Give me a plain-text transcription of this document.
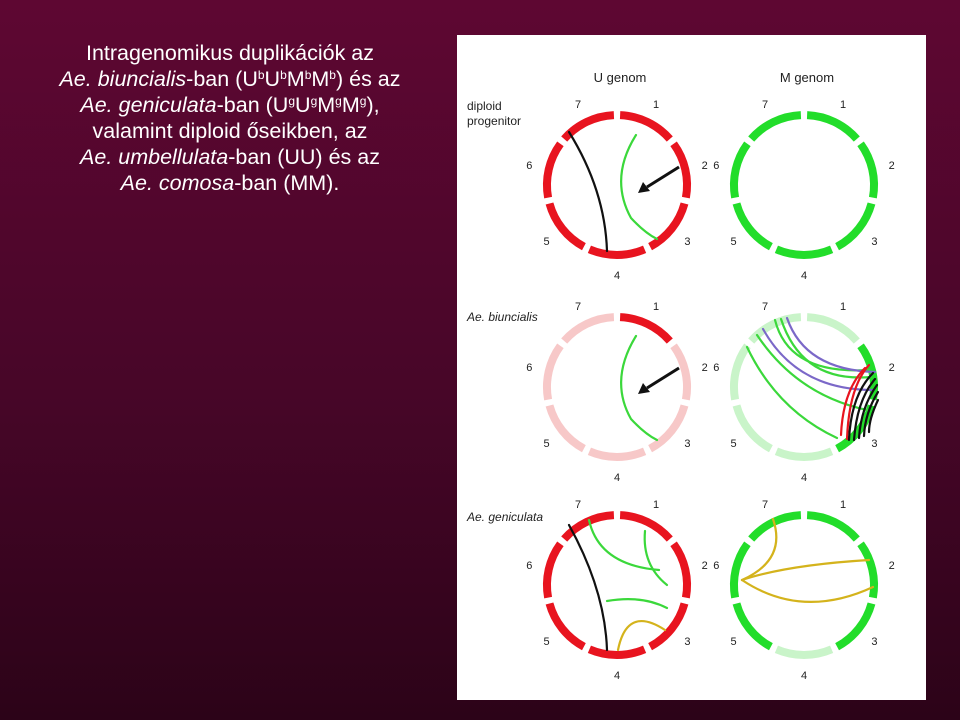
Intragenomikus duplikációk az
Ae. biuncialis-ban $(U^bU^bM^bM^b)$ és az
Ae. geniculata-ban $(U^gU^gM^gM^g)$,
valamint diploid őseikben, az
Ae. umbellulata-ban (UU) és az
Ae. comosa-ban (MM).
U genom	M genom
diploid
progenitor
Ae. biuncialis
Ae. geniculata
1
2
3
4
5
6
7	1
2
3
4
5
6
7
1
2
3
4
5
6
7	1
2
3
4
5
6
7
1
2
3
4
5
6
7	1
2
3
4
5
6
7
